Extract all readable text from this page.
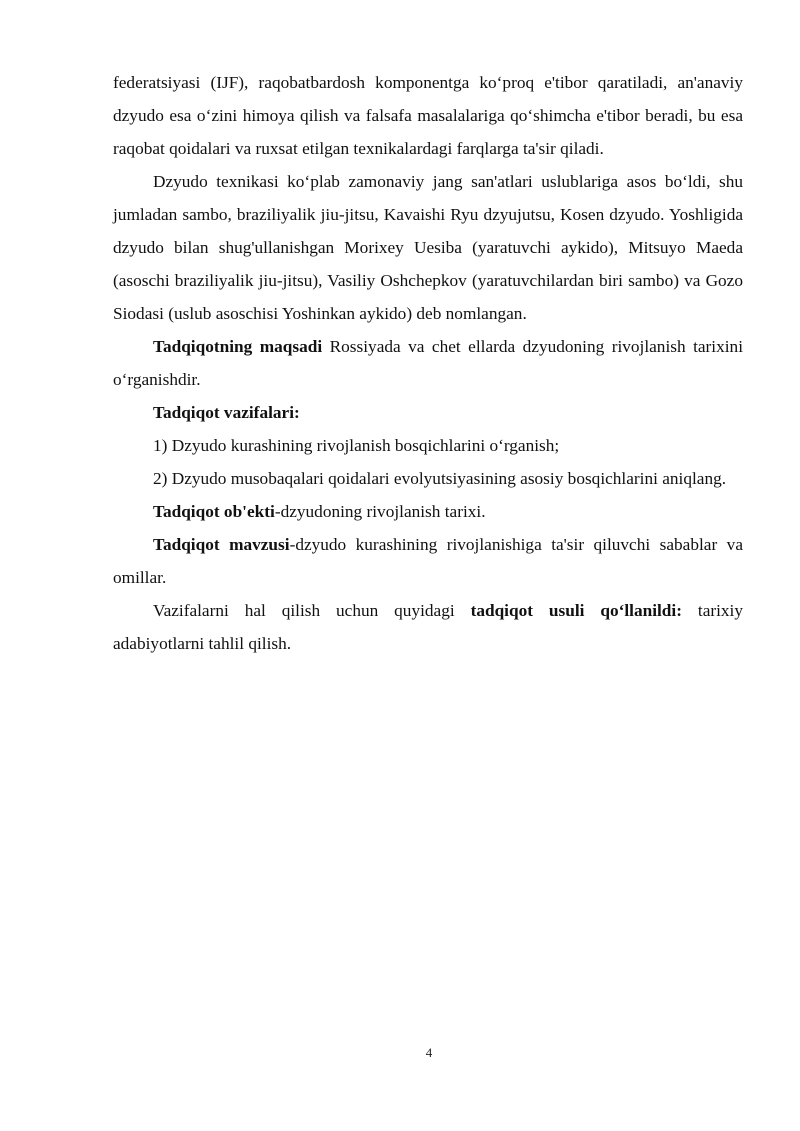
federatsiyasi (IJF), raqobatbardosh komponentga ko‘proq e'tibor qaratiladi, an'anaviy dzyudo esa o‘zini himoya qilish va falsafa masalalariga qo‘shimcha e'tibor beradi, bu esa raqobat qoidalari va ruxsat etilgan texnikalardagi farqlarga ta'sir qiladi.

Dzyudo texnikasi ko‘plab zamonaviy jang san'atlari uslublariga asos bo‘ldi, shu jumladan sambo, braziliyalik jiu-jitsu, Kavaishi Ryu dzyujutsu, Kosen dzyudo. Yoshligida dzyudo bilan shug'ullanishgan Morixey Uesiba (yaratuvchi aykido), Mitsuyo Maeda (asoschi braziliyalik jiu-jitsu), Vasiliy Oshchepkov (yaratuvchilardan biri sambo) va Gozo Siodasi (uslub asoschisi Yoshinkan aykido) deb nomlangan.

Tadqiqotning maqsadi Rossiyada va chet ellarda dzyudoning rivojlanish tarixini o‘rganishdir.

Tadqiqot vazifalari:

1) Dzyudo kurashining rivojlanish bosqichlarini o‘rganish;

2) Dzyudo musobaqalari qoidalari evolyutsiyasining asosiy bosqichlarini aniqlang.

Tadqiqot ob'ekti-dzyudoning rivojlanish tarixi.

Tadqiqot mavzusi-dzyudo kurashining rivojlanishiga ta'sir qiluvchi sabablar va omillar.

Vazifalarni hal qilish uchun quyidagi tadqiqot usuli qo‘llanildi: tarixiy adabiyotlarni tahlil qilish.

4
